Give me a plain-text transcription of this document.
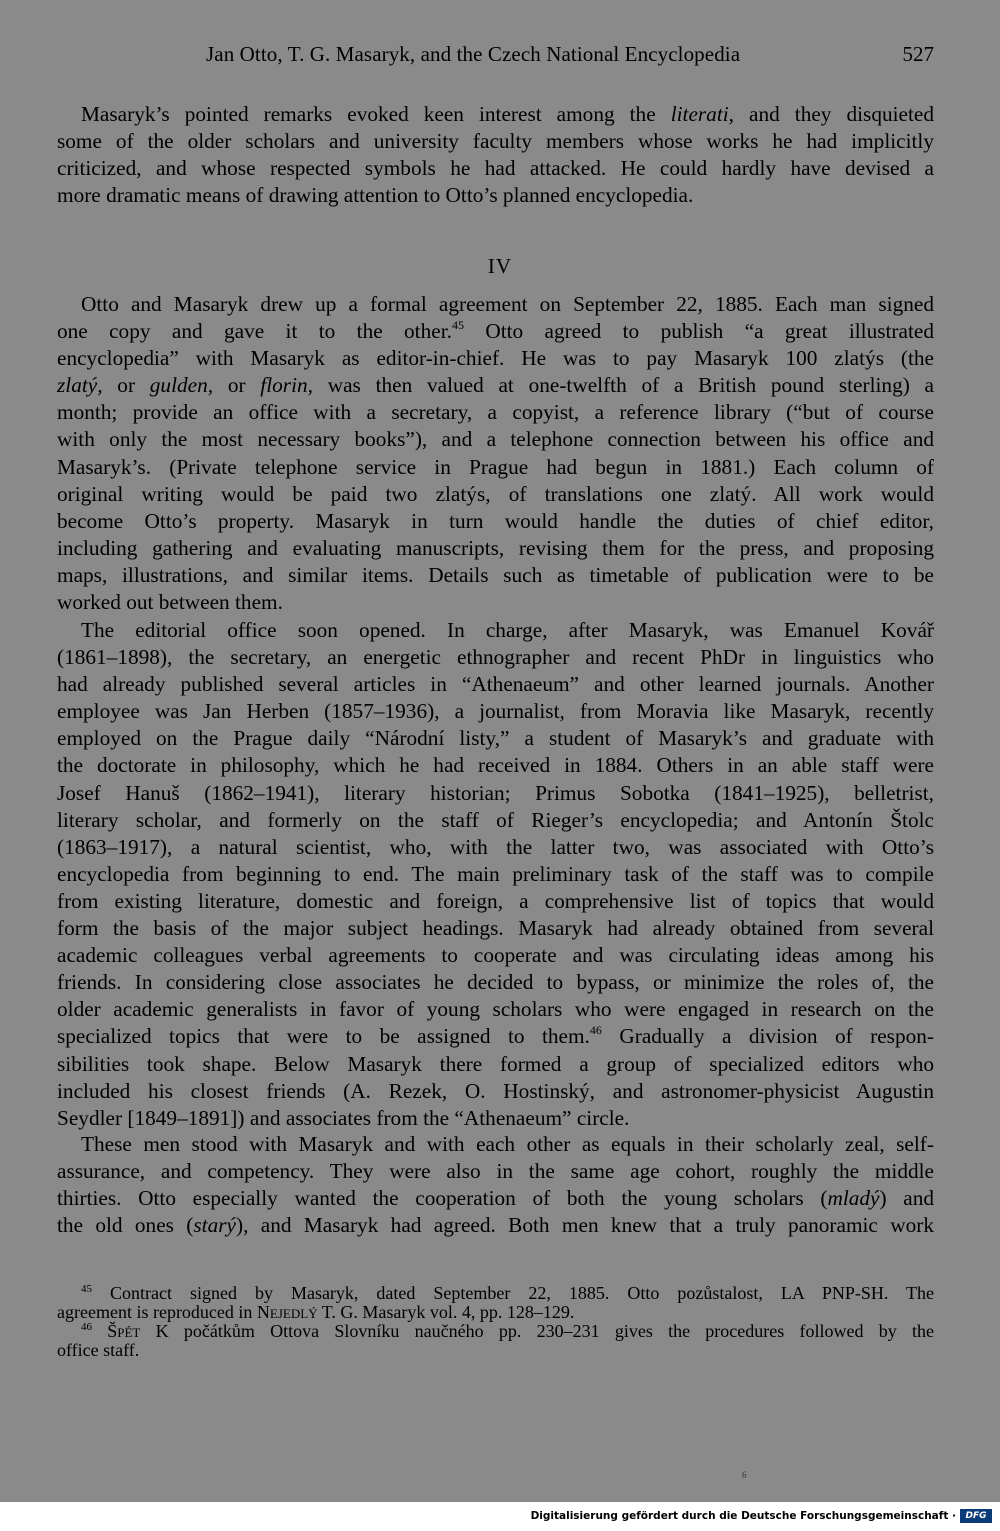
Jan Otto, T. G. Masaryk, and the Czech National Encyclopedia	527
Masaryk’s pointed remarks evoked keen interest among the literati, and they disquieted
some of the older scholars and university faculty members whose works he had implicitly
criticized, and whose respected symbols he had attacked. He could hardly have devised a
more dramatic means of drawing attention to Otto’s planned encyclopedia.
IV
Otto and Masaryk drew up a formal agreement on September 22, 1885. Each man signed
one copy and gave it to the other.$^{45}$ Otto agreed to publish “a great illustrated
encyclopedia” with Masaryk as editor-in-chief. He was to pay Masaryk 100 zlatýs (the
zlatý, or gulden, or florin, was then valued at one-twelfth of a British pound sterling) a
month; provide an office with a secretary, a copyist, a reference library (“but of course
with only the most necessary books”), and a telephone connection between his office and
Masaryk’s. (Private telephone service in Prague had begun in 1881.) Each column of
original writing would be paid two zlatýs, of translations one zlatý. All work would
become Otto’s property. Masaryk in turn would handle the duties of chief editor,
including gathering and evaluating manuscripts, revising them for the press, and proposing
maps, illustrations, and similar items. Details such as timetable of publication were to be
worked out between them.
The editorial office soon opened. In charge, after Masaryk, was Emanuel Kovář
(1861–1898), the secretary, an energetic ethnographer and recent PhDr in linguistics who
had already published several articles in “Athenaeum” and other learned journals. Another
employee was Jan Herben (1857–1936), a journalist, from Moravia like Masaryk, recently
employed on the Prague daily “Národní listy,” a student of Masaryk’s and graduate with
the doctorate in philosophy, which he had received in 1884. Others in an able staff were
Josef Hanuš (1862–1941), literary historian; Primus Sobotka (1841–1925), belletrist,
literary scholar, and formerly on the staff of Rieger’s encyclopedia; and Antonín Štolc
(1863–1917), a natural scientist, who, with the latter two, was associated with Otto’s
encyclopedia from beginning to end. The main preliminary task of the staff was to compile
from existing literature, domestic and foreign, a comprehensive list of topics that would
form the basis of the major subject headings. Masaryk had already obtained from several
academic colleagues verbal agreements to cooperate and was circulating ideas among his
friends. In considering close associates he decided to bypass, or minimize the roles of, the
older academic generalists in favor of young scholars who were engaged in research on the
specialized topics that were to be assigned to them.$^{46}$ Gradually a division of respon-
sibilities took shape. Below Masaryk there formed a group of specialized editors who
included his closest friends (A. Rezek, O. Hostinský, and astronomer-physicist Augustin
Seydler [1849–1891]) and associates from the “Athenaeum” circle.
These men stood with Masaryk and with each other as equals in their scholarly zeal, self-
assurance, and competency. They were also in the same age cohort, roughly the middle
thirties. Otto especially wanted the cooperation of both the young scholars (mladý) and
the old ones (starý), and Masaryk had agreed. Both men knew that a truly panoramic work
$^{45}$ Contract signed by Masaryk, dated September 22, 1885. Otto pozůstalost, LA PNP-SH. The
agreement is reproduced in Nejedlý T. G. Masaryk vol. 4, pp. 128–129.
$^{46}$ Špét K počátkům Ottova Slovníku naučného pp. 230–231 gives the procedures followed by the
office staff.
6
Digitalisierung gefördert durch die Deutsche Forschungsgemeinschaft ·	DFG
